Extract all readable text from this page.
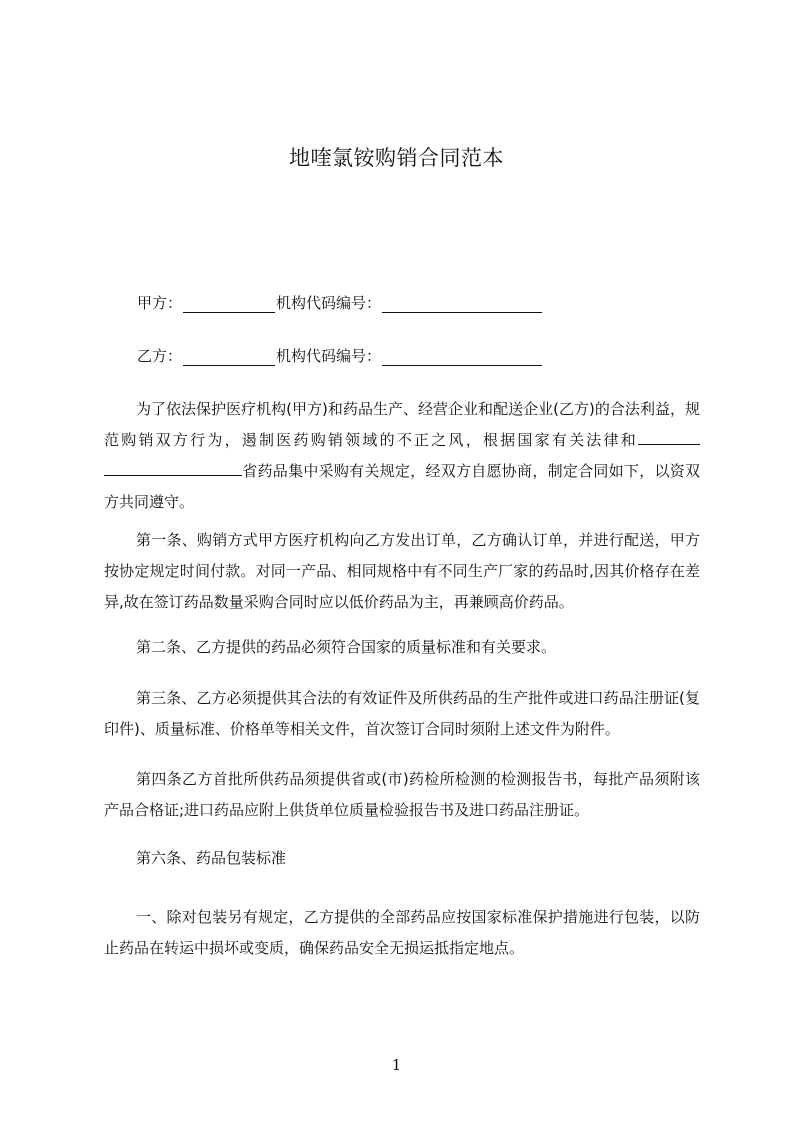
地喹氯铵购销合同范本
甲方：	机构代码编号：
乙方：	机构代码编号：
为了依法保护医疗机构(甲方)和药品生产、经营企业和配送企业(乙方)的合法利益，规范购销双方行为，遏制医药购销领域的不正之风，根据国家有关法律和省药品集中采购有关规定，经双方自愿协商，制定合同如下，以资双方共同遵守。
第一条、购销方式甲方医疗机构向乙方发出订单，乙方确认订单，并进行配送，甲方按协定规定时间付款。对同一产品、相同规格中有不同生产厂家的药品时,因其价格存在差异,故在签订药品数量采购合同时应以低价药品为主，再兼顾高价药品。
第二条、乙方提供的药品必须符合国家的质量标准和有关要求。
第三条、乙方必须提供其合法的有效证件及所供药品的生产批件或进口药品注册证(复印件)、质量标准、价格单等相关文件，首次签订合同时须附上述文件为附件。
第四条乙方首批所供药品须提供省或(市)药检所检测的检测报告书，每批产品须附该产品合格证;进口药品应附上供货单位质量检验报告书及进口药品注册证。
第六条、药品包装标准
一、除对包装另有规定，乙方提供的全部药品应按国家标准保护措施进行包装，以防止药品在转运中损坏或变质，确保药品安全无损运抵指定地点。
1
